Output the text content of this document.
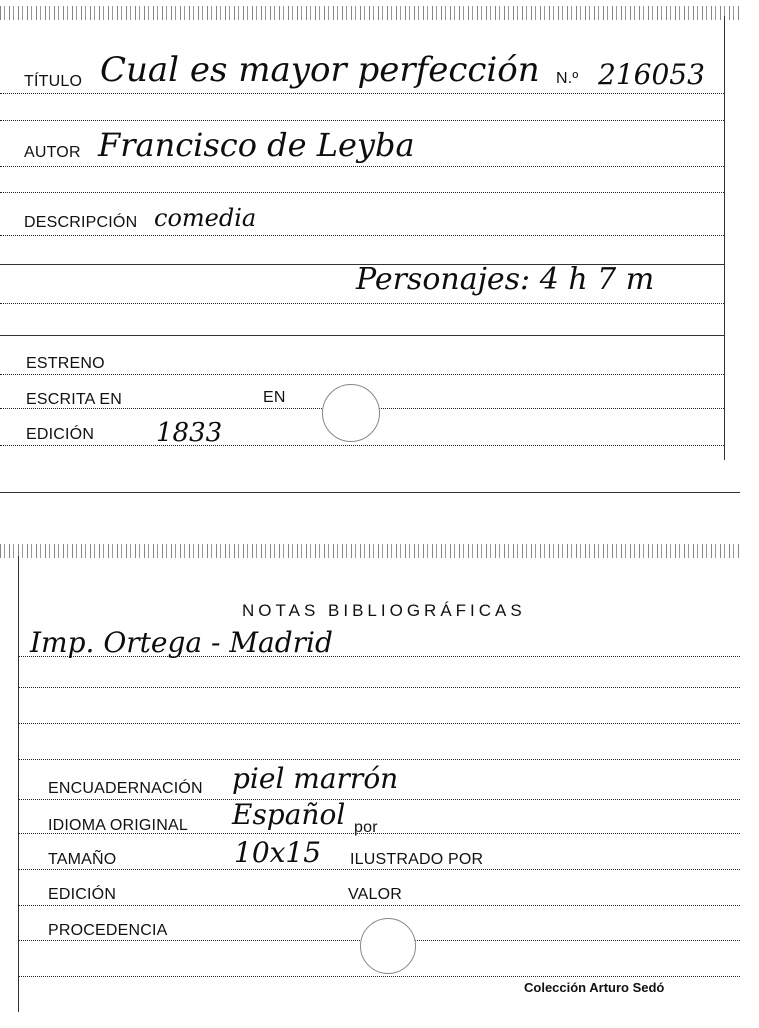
TÍTULO Cual es mayor perfección N.º 216053
AUTOR Francisco de Leyba
DESCRIPCIÓN comedia
Personajes: 4 h 7 m
ESTRENO
ESCRITA EN	EN
EDICIÓN 1833
NOTAS BIBLIOGRÁFICAS
Imp. Ortega - Madrid
ENCUADERNACIÓN piel marrón
IDIOMA ORIGINAL Español por
TAMAÑO	10x15 ILUSTRADO POR
EDICIÓN	VALOR
PROCEDENCIA
Colección Arturo Sedó
